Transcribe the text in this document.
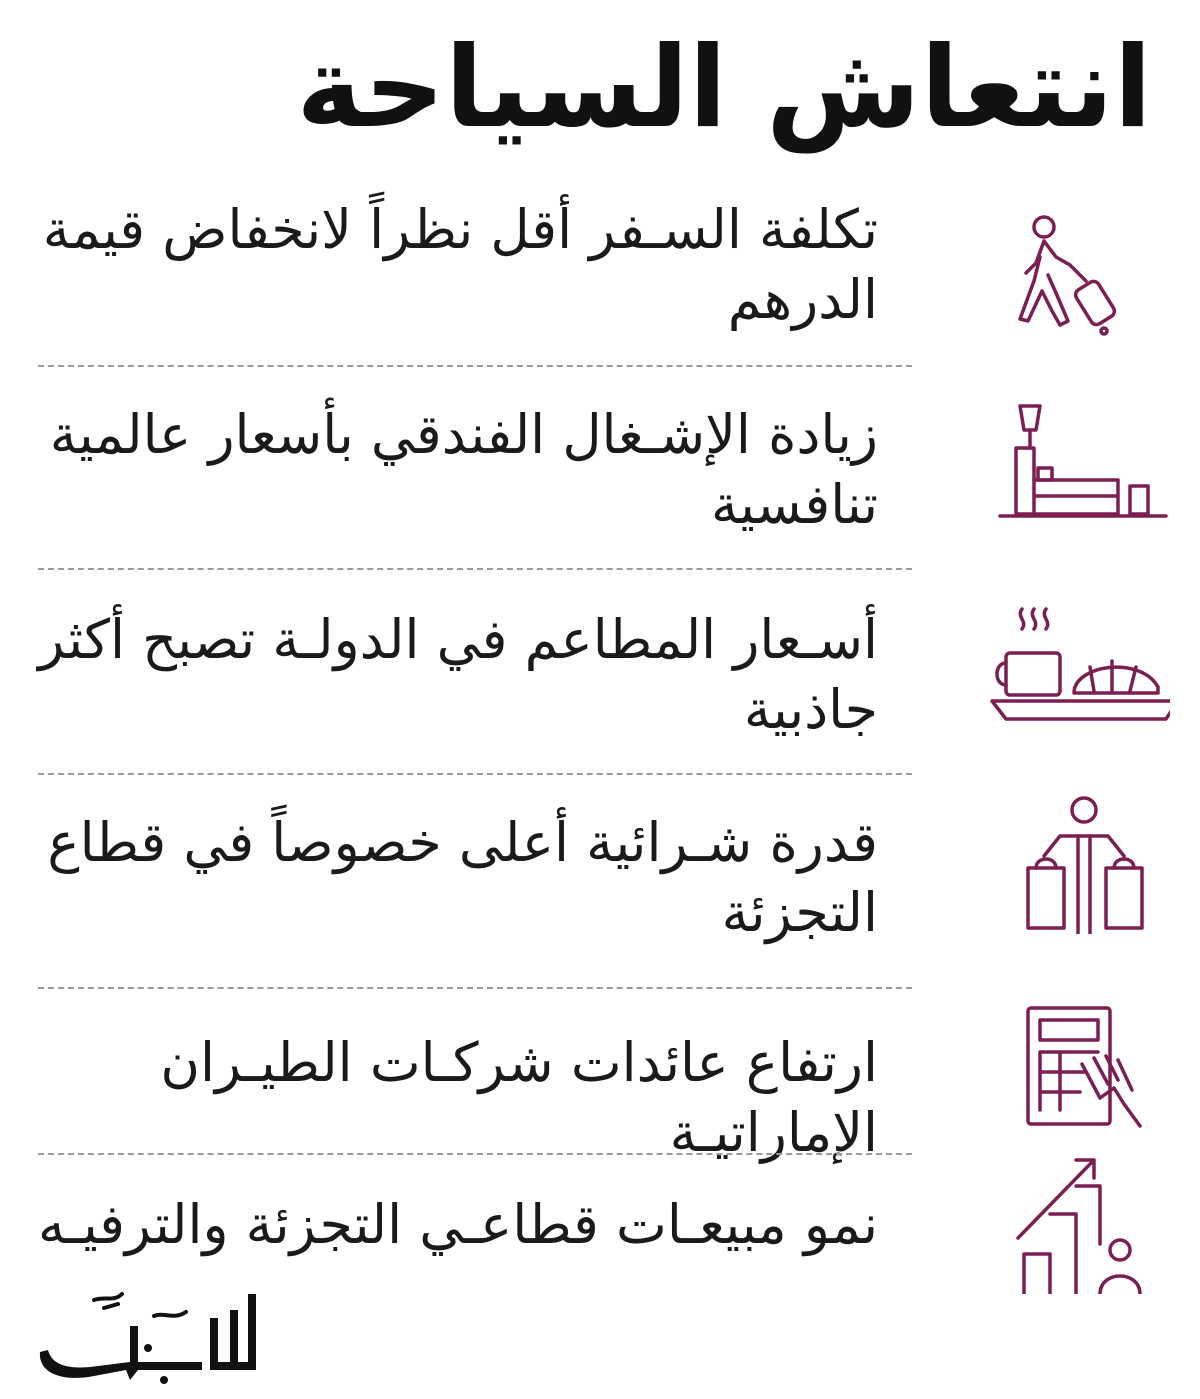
انتعاش السياحة
تكلفة السـفر أقل نظراً لانخفاض قيمة الدرهم
زيادة الإشـغال الفندقي بأسعار عالمية تنافسية
أسـعار المطاعم في الدولـة تصبح أكثر جاذبية
قدرة شـرائية أعلى خصوصاً في قطاع التجزئة
ارتفاع عائدات شركـات الطيـران الإماراتيـة
نمو مبيعـات قطاعـي التجزئة والترفيـه
